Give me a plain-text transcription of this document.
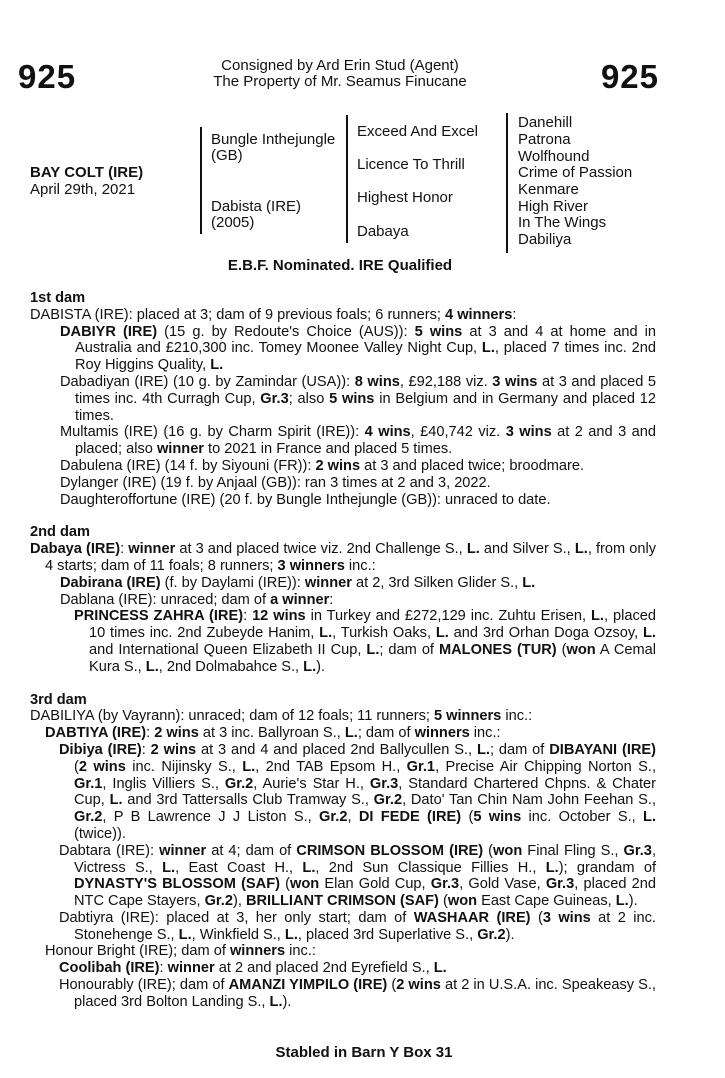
925	Consigned by Ard Erin Stud (Agent)
The Property of Mr. Seamus Finucane	925
BAY COLT (IRE)
April 29th, 2021
Bungle Inthejungle (GB)
Dabista (IRE) (2005)
Exceed And Excel
Licence To Thrill
Highest Honor
Dabaya
Danehill
Patrona
Wolfhound
Crime of Passion
Kenmare
High River
In The Wings
Dabiliya
E.B.F. Nominated. IRE Qualified
1st dam
DABISTA (IRE): placed at 3; dam of 9 previous foals; 6 runners; 4 winners:
DABIYR (IRE) (15 g. by Redoute's Choice (AUS)): 5 wins at 3 and 4 at home and in Australia and £210,300 inc. Tomey Moonee Valley Night Cup, L., placed 7 times inc. 2nd Roy Higgins Quality, L.
Dabadiyan (IRE) (10 g. by Zamindar (USA)): 8 wins, £92,188 viz. 3 wins at 3 and placed 5 times inc. 4th Curragh Cup, Gr.3; also 5 wins in Belgium and in Germany and placed 12 times.
Multamis (IRE) (16 g. by Charm Spirit (IRE)): 4 wins, £40,742 viz. 3 wins at 2 and 3 and placed; also winner to 2021 in France and placed 5 times.
Dabulena (IRE) (14 f. by Siyouni (FR)): 2 wins at 3 and placed twice; broodmare.
Dylanger (IRE) (19 f. by Anjaal (GB)): ran 3 times at 2 and 3, 2022.
Daughteroffortune (IRE) (20 f. by Bungle Inthejungle (GB)): unraced to date.
2nd dam
Dabaya (IRE): winner at 3 and placed twice viz. 2nd Challenge S., L. and Silver S., L., from only 4 starts; dam of 11 foals; 8 runners; 3 winners inc.:
Dabirana (IRE) (f. by Daylami (IRE)): winner at 2, 3rd Silken Glider S., L.
Dablana (IRE): unraced; dam of a winner:
PRINCESS ZAHRA (IRE): 12 wins in Turkey and £272,129 inc. Zuhtu Erisen, L., placed 10 times inc. 2nd Zubeyde Hanim, L., Turkish Oaks, L. and 3rd Orhan Doga Ozsoy, L. and International Queen Elizabeth II Cup, L.; dam of MALONES (TUR) (won A Cemal Kura S., L., 2nd Dolmabahce S., L.).
3rd dam
DABILIYA (by Vayrann): unraced; dam of 12 foals; 11 runners; 5 winners inc.:
DABTIYA (IRE): 2 wins at 3 inc. Ballyroan S., L.; dam of winners inc.:
Dibiya (IRE): 2 wins at 3 and 4 and placed 2nd Ballycullen S., L.; dam of DIBAYANI (IRE) (2 wins inc. Nijinsky S., L., 2nd TAB Epsom H., Gr.1, Precise Air Chipping Norton S., Gr.1, Inglis Villiers S., Gr.2, Aurie's Star H., Gr.3, Standard Chartered Chpns. & Chater Cup, L. and 3rd Tattersalls Club Tramway S., Gr.2, Dato' Tan Chin Nam John Feehan S., Gr.2, P B Lawrence J J Liston S., Gr.2, DI FEDE (IRE) (5 wins inc. October S., L. (twice)).
Dabtara (IRE): winner at 4; dam of CRIMSON BLOSSOM (IRE) (won Final Fling S., Gr.3, Victress S., L., East Coast H., L., 2nd Sun Classique Fillies H., L.); grandam of DYNASTY'S BLOSSOM (SAF) (won Elan Gold Cup, Gr.3, Gold Vase, Gr.3, placed 2nd NTC Cape Stayers, Gr.2), BRILLIANT CRIMSON (SAF) (won East Cape Guineas, L.).
Dabtiyra (IRE): placed at 3, her only start; dam of WASHAAR (IRE) (3 wins at 2 inc. Stonehenge S., L., Winkfield S., L., placed 3rd Superlative S., Gr.2).
Honour Bright (IRE); dam of winners inc.:
Coolibah (IRE): winner at 2 and placed 2nd Eyrefield S., L.
Honourably (IRE); dam of AMANZI YIMPILO (IRE) (2 wins at 2 in U.S.A. inc. Speakeasy S., placed 3rd Bolton Landing S., L.).
Stabled in Barn Y Box 31
